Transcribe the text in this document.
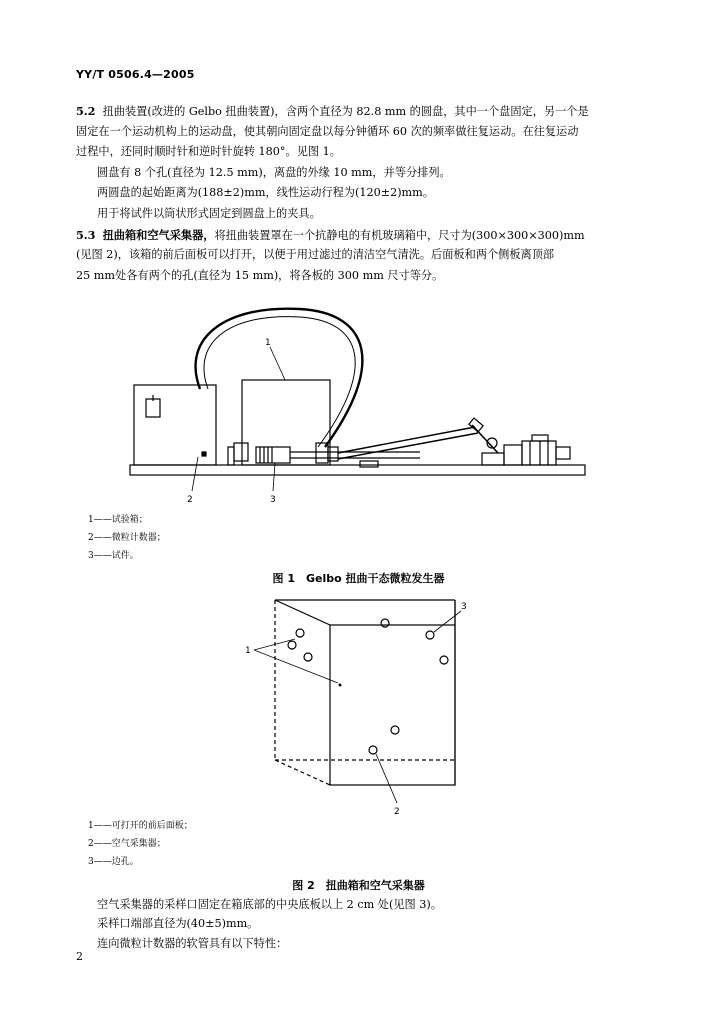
YY/T 0506.4—2005
5.2 扭曲装置(改进的 Gelbo 扭曲装置)，含两个直径为 82.8 mm 的圆盘，其中一个盘固定，另一个是
固定在一个运动机构上的运动盘，使其朝向固定盘以每分钟循环 60 次的频率做往复运动。在往复运动
过程中，还同时顺时针和逆时针旋转 180°。见图 1。
圆盘有 8 个孔(直径为 12.5 mm)，离盘的外缘 10 mm，并等分排列。
两圆盘的起始距离为(188±2)mm，线性运动行程为(120±2)mm。
用于将试件以筒状形式固定到圆盘上的夹具。
5.3 扭曲箱和空气采集器，将扭曲装置罩在一个抗静电的有机玻璃箱中，尺寸为(300×300×300)mm
(见图 2)，该箱的前后面板可以打开，以便于用过滤过的清洁空气清洗。后面板和两个侧板离顶部
25 mm处各有两个的孔(直径为 15 mm)，将各板的 300 mm 尺寸等分。
1
2	3
1——试验箱；
2——微粒计数器；
3——试件。
图 1　Gelbo 扭曲干态微粒发生器
1
3
2
1——可打开的前后面板；
2——空气采集器；
3——边孔。
图 2　扭曲箱和空气采集器
空气采集器的采样口固定在箱底部的中央底板以上 2 cm 处(见图 3)。
采样口端部直径为(40±5)mm。
连向微粒计数器的软管具有以下特性：
2
